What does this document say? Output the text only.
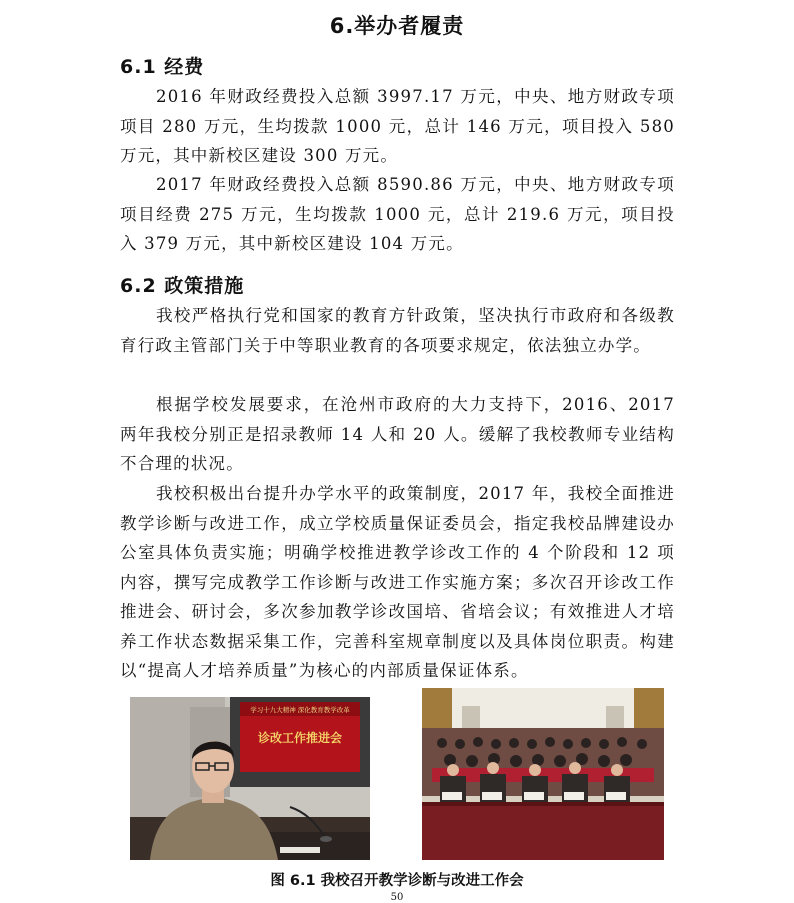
6.举办者履责
6.1 经费
2016 年财政经费投入总额 3997.17 万元，中央、地方财政专项项目 280 万元，生均拨款 1000 元，总计 146 万元，项目投入 580 万元，其中新校区建设 300 万元。
2017 年财政经费投入总额 8590.86 万元，中央、地方财政专项项目经费 275 万元，生均拨款 1000 元，总计 219.6 万元，项目投入 379 万元，其中新校区建设 104 万元。
6.2 政策措施
我校严格执行党和国家的教育方针政策，坚决执行市政府和各级教育行政主管部门关于中等职业教育的各项要求规定，依法独立办学。
根据学校发展要求，在沧州市政府的大力支持下，2016、2017 两年我校分别正是招录教师 14 人和 20 人。缓解了我校教师专业结构不合理的状况。
我校积极出台提升办学水平的政策制度，2017 年，我校全面推进教学诊断与改进工作，成立学校质量保证委员会，指定我校品牌建设办公室具体负责实施；明确学校推进教学诊改工作的 4 个阶段和 12 项内容，撰写完成教学工作诊断与改进工作实施方案；多次召开诊改工作推进会、研讨会，多次参加教学诊改国培、省培会议；有效推进人才培养工作状态数据采集工作，完善科室规章制度以及具体岗位职责。构建以“提高人才培养质量”为核心的内部质量保证体系。
学习十九大精神 深化教育教学改革
诊改工作推进会
图 6.1 我校召开教学诊断与改进工作会
50
